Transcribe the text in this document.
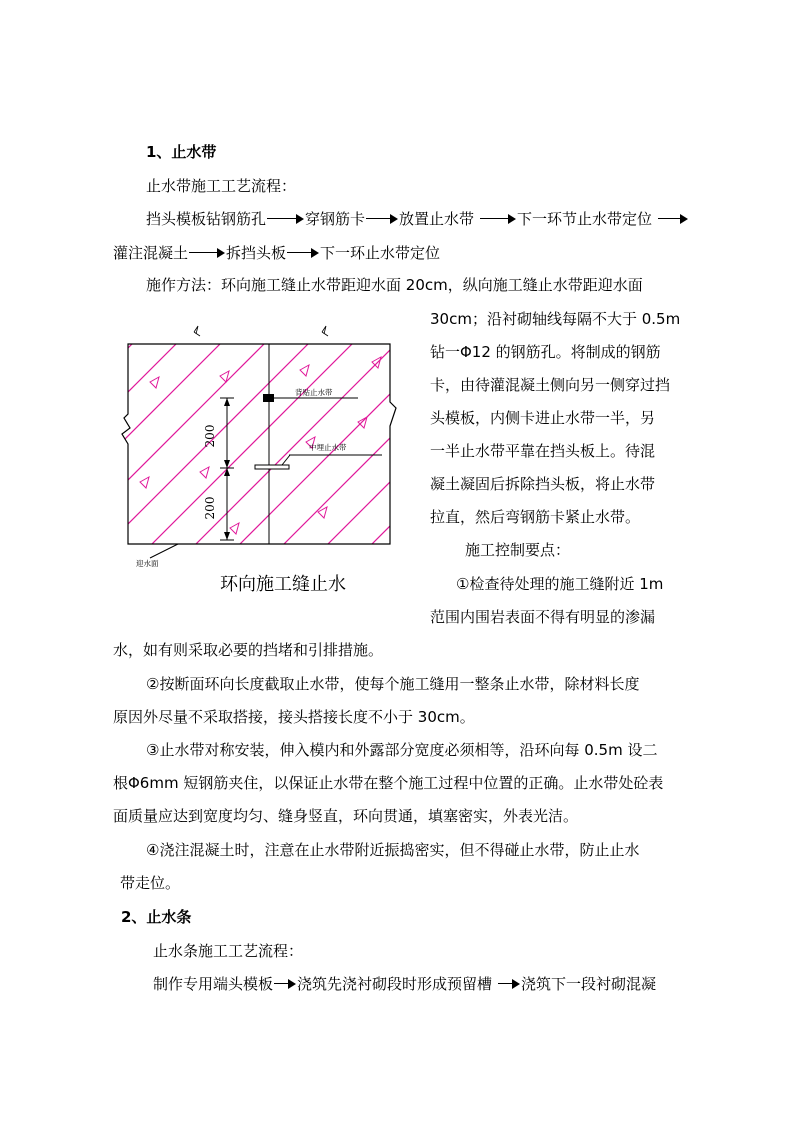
1、止水带
止水带施工工艺流程：
挡头模板钻钢筋孔	穿钢筋卡 放置止水带	下一环节止水带定位
灌注混凝土	拆挡头板 下一环止水带定位
施作方法：环向施工缝止水带距迎水面 20cm，纵向施工缝止水带距迎水面
30cm；沿衬砌轴线每隔不大于 0.5m
钻一Φ12 的钢筋孔。将制成的钢筋
卡，由待灌混凝土侧向另一侧穿过挡
头模板，内侧卡进止水带一半，另
一半止水带平靠在挡头板上。待混
凝土凝固后拆除挡头板，将止水带
拉直，然后弯钢筋卡紧止水带。
施工控制要点：
①检查待处理的施工缝附近 1m
范围内围岩表面不得有明显的渗漏
水，如有则采取必要的挡堵和引排措施。
②按断面环向长度截取止水带，使每个施工缝用一整条止水带，除材料长度
原因外尽量不采取搭接，接头搭接长度不小于 30cm。
③止水带对称安装，伸入模内和外露部分宽度必须相等，沿环向每 0.5m 设二
根Φ6mm 短钢筋夹住，以保证止水带在整个施工过程中位置的正确。止水带处砼表
面质量应达到宽度均匀、缝身竖直，环向贯通，填塞密实，外表光洁。
④浇注混凝土时，注意在止水带附近振捣密实，但不得碰止水带，防止止水
带走位。
2、止水条
止水条施工工艺流程：
制作专用端头模板 浇筑先浇衬砌段时形成预留槽浇筑下一段衬砌混凝
200
200
背贴止水带
中埋止水带
迎水面
环向施工缝止水
